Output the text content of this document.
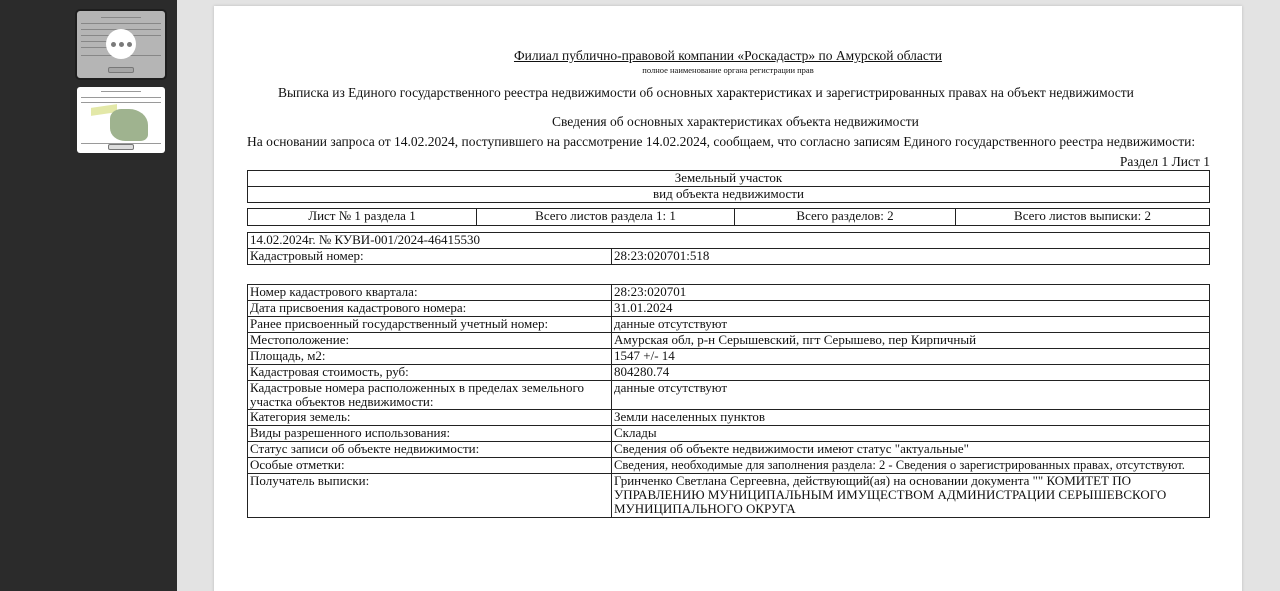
Филиал публично-правовой компании «Роскадастр» по Амурской области
полное наименование органа регистрации прав
Выписка из Единого государственного реестра недвижимости об основных характеристиках и зарегистрированных правах на объект недвижимости
Сведения об основных характеристиках объекта недвижимости
На основании запроса от 14.02.2024, поступившего на рассмотрение 14.02.2024, сообщаем, что согласно записям Единого государственного реестра недвижимости:
Раздел 1 Лист 1
Земельный участок
вид объекта недвижимости
Лист № 1 раздела 1	Всего листов раздела 1: 1	Всего разделов: 2	Всего листов выписки: 2
14.02.2024г. № КУВИ-001/2024-46415530
Кадастровый номер:	28:23:020701:518
Номер кадастрового квартала:	28:23:020701
Дата присвоения кадастрового номера:	31.01.2024
Ранее присвоенный государственный учетный номер:	данные отсутствуют
Местоположение:	Амурская обл, р-н Серышевский, пгт Серышево, пер Кирпичный
Площадь, м2:	1547 +/- 14
Кадастровая стоимость, руб:	804280.74
Кадастровые номера расположенных в пределах земельного участка объектов недвижимости:	данные отсутствуют
Категория земель:	Земли населенных пунктов
Виды разрешенного использования:	Склады
Статус записи об объекте недвижимости:	Сведения об объекте недвижимости имеют статус "актуальные"
Особые отметки:	Сведения, необходимые для заполнения раздела: 2 - Сведения о зарегистрированных правах, отсутствуют.
Получатель выписки:	Гринченко Светлана Сергеевна, действующий(ая) на основании документа "" КОМИТЕТ ПО УПРАВЛЕНИЮ МУНИЦИПАЛЬНЫМ ИМУЩЕСТВОМ АДМИНИСТРАЦИИ СЕРЫШЕВСКОГО МУНИЦИПАЛЬНОГО ОКРУГА
